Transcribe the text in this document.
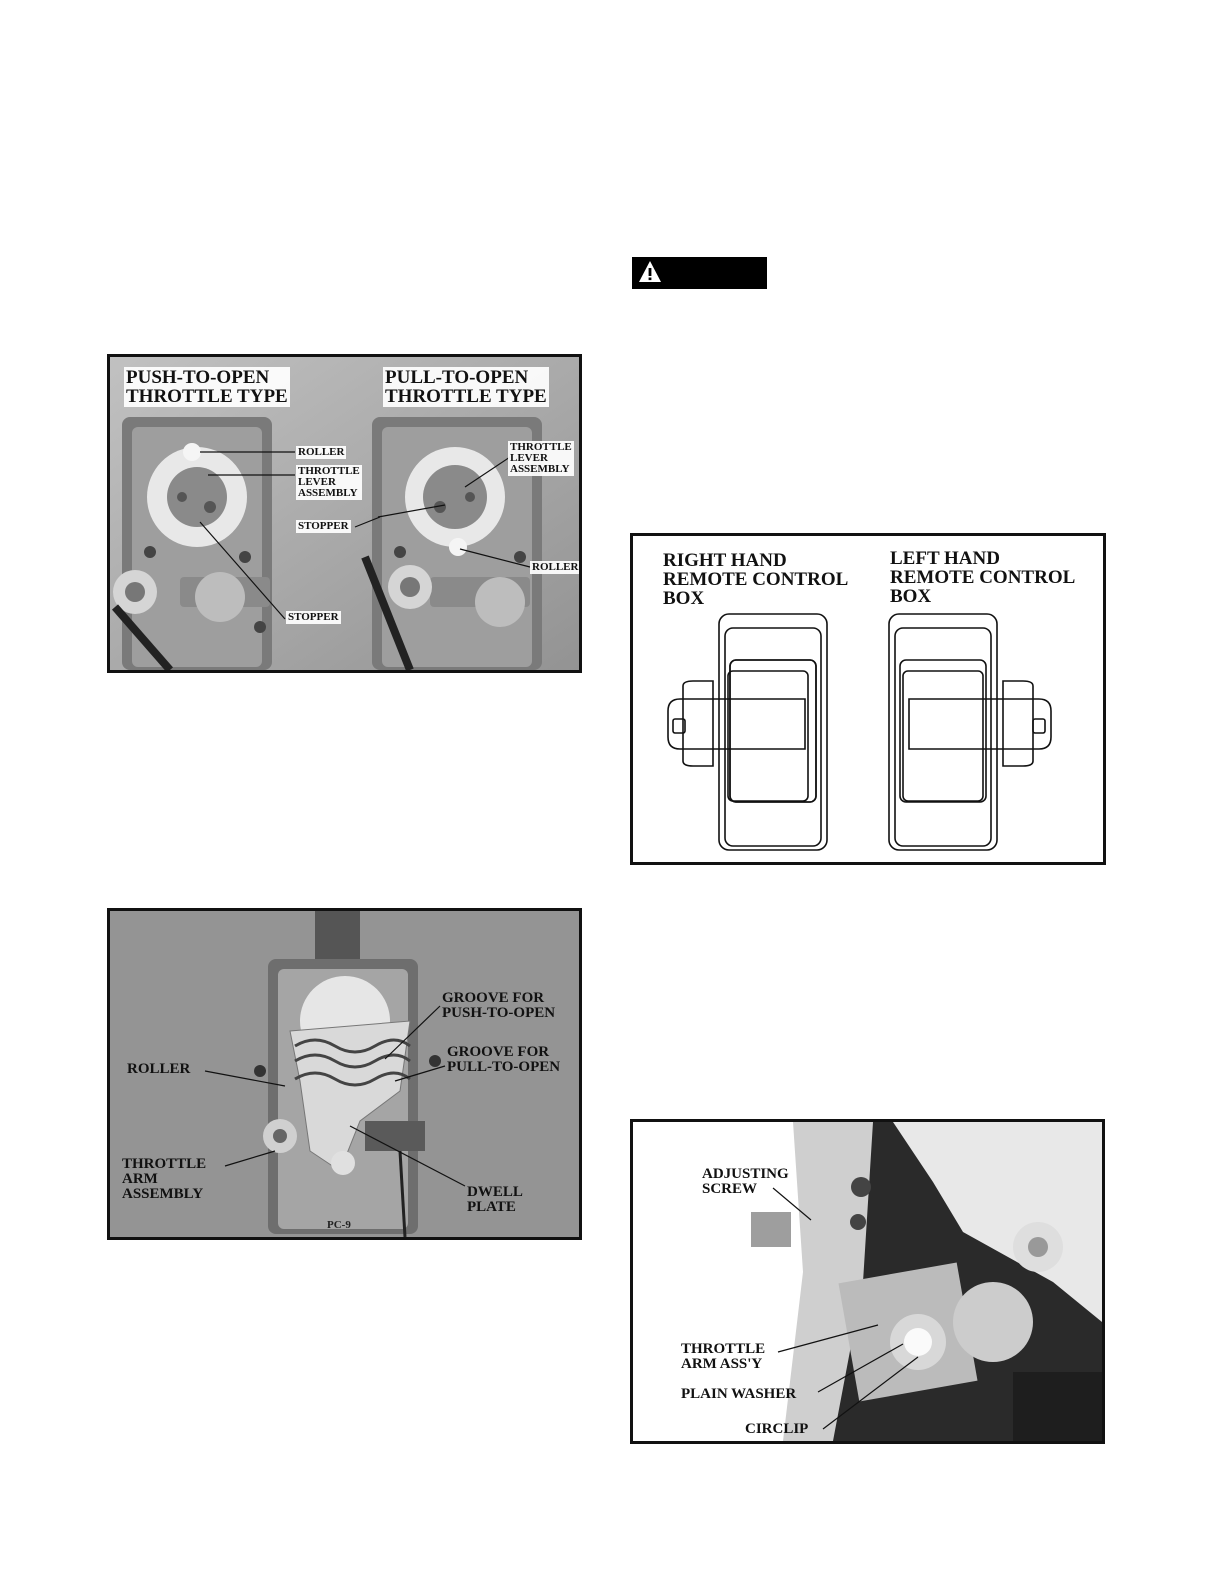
PUSH-TO-OPEN
THROTTLE TYPE
PULL-TO-OPEN
THROTTLE TYPE
ROLLER
THROTTLE
LEVER
ASSEMBLY
STOPPER
STOPPER
THROTTLE
LEVER
ASSEMBLY
ROLLER
GROOVE FOR
PUSH-TO-OPEN
GROOVE FOR
PULL-TO-OPEN
ROLLER
THROTTLE
ARM
ASSEMBLY	DWELL
PLATE
PC-9
RIGHT HAND
REMOTE CONTROL
BOX
LEFT HAND
REMOTE CONTROL
BOX
ADJUSTING
SCREW
THROTTLE
ARM ASS'Y
PLAIN WASHER
CIRCLIP
